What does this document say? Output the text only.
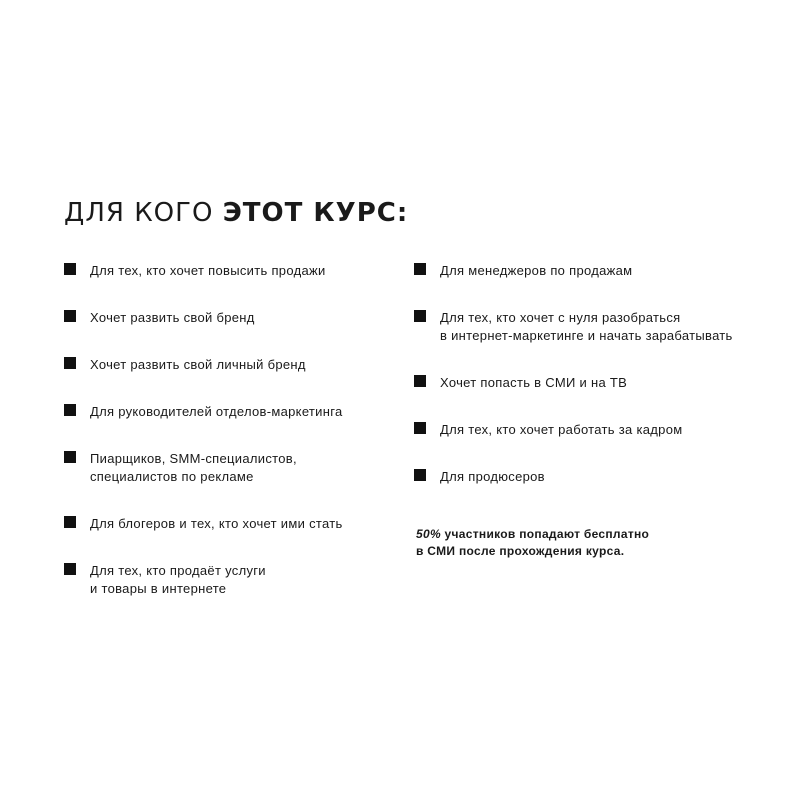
ДЛЯ КОГО ЭТОТ КУРС:
Для тех, кто хочет повысить продажи
Хочет развить свой бренд
Хочет развить свой личный бренд
Для руководителей отделов-маркетинга
Пиарщиков, SMM-специалистов,
специалистов по рекламе
Для блогеров и тех, кто хочет ими стать
Для тех, кто продаёт услуги
и товары в интернете
Для менеджеров по продажам
Для тех, кто хочет с нуля разобраться
в интернет-маркетинге и начать зарабатывать
Хочет попасть в СМИ и на ТВ
Для тех, кто хочет работать за кадром
Для продюсеров

50% участников попадают бесплатно
в СМИ после прохождения курса.
